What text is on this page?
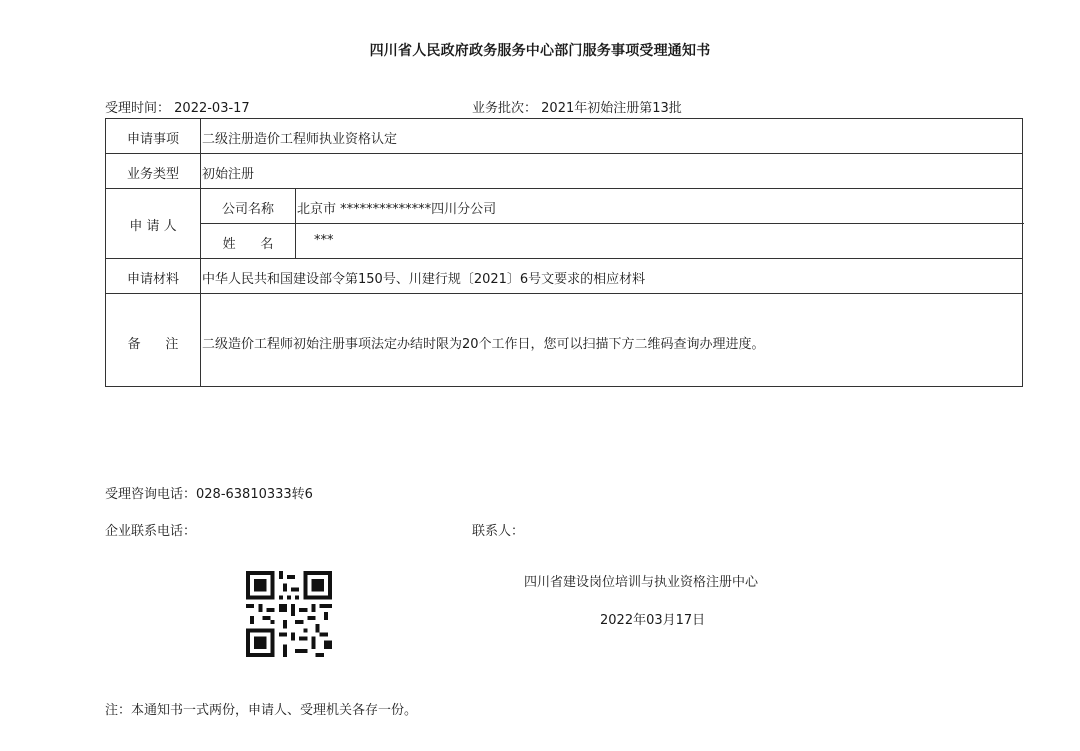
四川省人民政府政务服务中心部门服务事项受理通知书
受理时间： 2022-03-17	业务批次： 2021年初始注册第13批
申请事项	二级注册造价工程师执业资格认定
业务类型	初始注册
申 请 人
公司名称	北京市 **************四川分公司
姓      名	***
申请材料	中华人民共和国建设部令第150号、川建行规〔2021〕6号文要求的相应材料
备      注	二级造价工程师初始注册事项法定办结时限为20个工作日，您可以扫描下方二维码查询办理进度。
受理咨询电话：028-63810333转6
企业联系电话：	联系人：
四川省建设岗位培训与执业资格注册中心
2022年03月17日
注：本通知书一式两份，申请人、受理机关各存一份。
